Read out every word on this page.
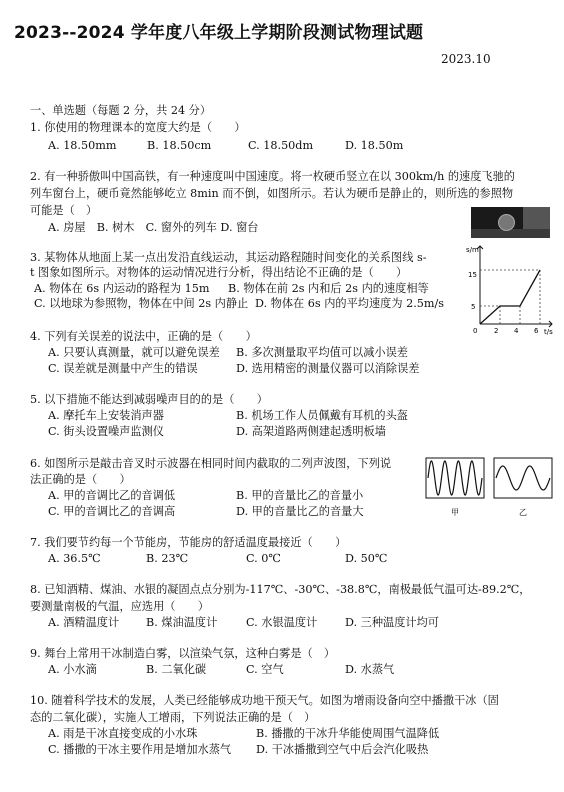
2023--2024 学年度八年级上学期阶段测试物理试题
2023.10
一、单选题（每题 2 分，共 24 分）
1. 你使用的物理课本的宽度大约是（　　）
A. 18.50mm	B. 18.50cm	C. 18.50dm	D. 18.50m
2. 有一种骄傲叫中国高铁，有一种速度叫中国速度。将一枚硬币竖立在以 300km/h 的速度飞驰的
列车窗台上，硬币竟然能够屹立 8min 而不倒，如图所示。若认为硬币是静止的，则所选的参照物
可能是（　）
A. 房屋　B. 树木　C. 窗外的列车 D. 窗台
3. 某物体从地面上某一点出发沿直线运动，其运动路程随时间变化的关系图线 s-
t 图象如图所示。对物体的运动情况进行分析，得出结论不正确的是（　　）
A. 物体在 6s 内运动的路程为 15m B. 物体在前 2s 内和后 2s 内的速度相等
C. 以地球为参照物，物体在中间 2s 内静止 D. 物体在 6s 内的平均速度为 2.5m/s
s/m
t/s
15
5
0 2 4 6
4. 下列有关误差的说法中，正确的是（　　）
A. 只要认真测量，就可以避免误差 B. 多次测量取平均值可以减小误差
C. 误差就是测量中产生的错误	D. 选用精密的测量仪器可以消除误差
5. 以下措施不能达到减弱噪声目的的是（　　）
A. 摩托车上安装消声器	B. 机场工作人员佩戴有耳机的头盔
C. 街头设置噪声监测仪	D. 高架道路两侧建起透明板墙
6. 如图所示是敲击音叉时示波器在相同时间内截取的二列声波图，下列说
法正确的是（　　）
A. 甲的音调比乙的音调低	B. 甲的音量比乙的音量小
C. 甲的音调比乙的音调高	D. 甲的音量比乙的音量大	甲	乙
7. 我们要节约每一个节能房，节能房的舒适温度最接近（　　）
A. 36.5℃	B. 23℃	C. 0℃	D. 50℃
8. 已知酒精、煤油、水银的凝固点点分别为-117℃、-30℃、-38.8℃，南极最低气温可达-89.2℃，
要测量南极的气温，应选用（　　）
A. 酒精温度计 B. 煤油温度计	C. 水银温度计 D. 三种温度计均可
9. 舞台上常用干冰制造白雾，以渲染气氛，这种白雾是（　）
A. 小水滴	B. 二氧化碳	C. 空气	D. 水蒸气
10. 随着科学技术的发展，人类已经能够成功地干预天气。如图为增雨设备向空中播撒干冰（固
态的二氧化碳），实施人工增雨，下列说法正确的是（　）
A. 雨是干冰直接变成的小水珠	B. 播撒的干冰升华能使周围气温降低
C. 播撒的干冰主要作用是增加水蒸气 D. 干冰播撒到空气中后会汽化吸热
